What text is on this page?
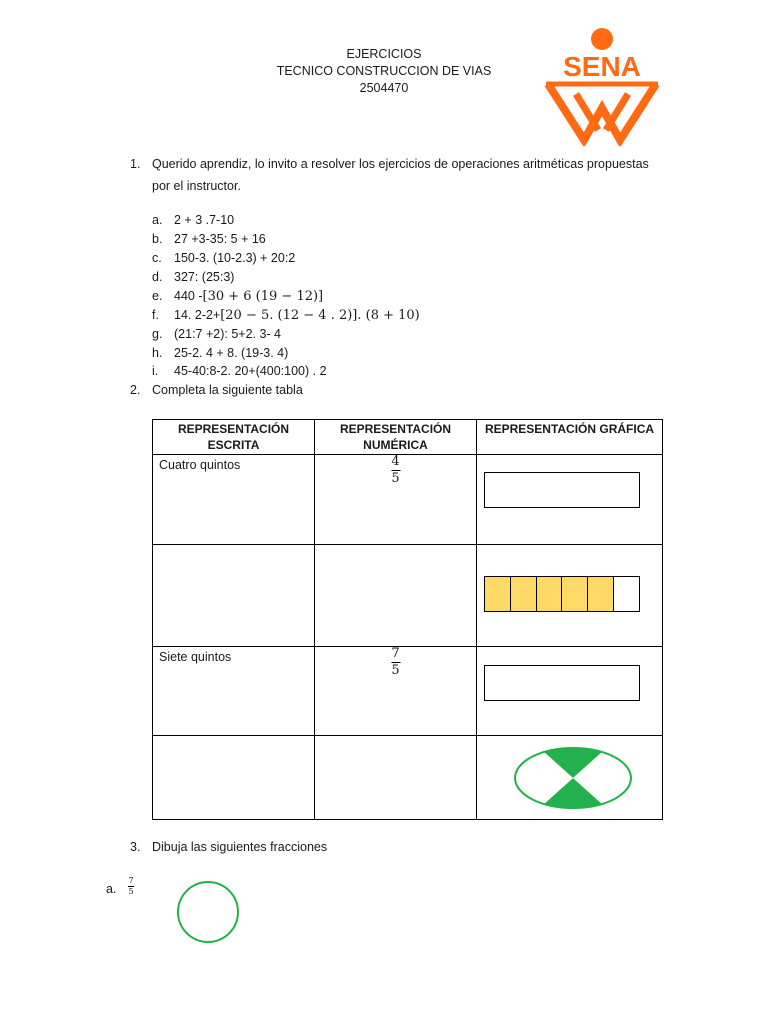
EJERCICIOS
TECNICO CONSTRUCCION DE VIAS
2504470
SENA
1. Querido aprendiz, lo invito a resolver los ejercicios de operaciones aritméticas propuestas
por el instructor.
a. 2 + 3 .7-10
b. 27 +3-35: 5 + 16
c. 150-3. (10-2.3) + 20:2
d. 327: (25:3)
e. 440 -[30 + 6 (19 − 12)]
f.	14. 2-2+[20 − 5. (12 − 4 . 2)]. (8 + 10)
g. (21:7 +2): 5+2. 3- 4
h. 25-2. 4 + 8. (19-3. 4)
i.	45-40:8-2. 20+(400:100) . 2
2. Completa la siguiente tabla
REPRESENTACIÓN ESCRITA	REPRESENTACIÓN NUMÉRICA	REPRESENTACIÓN GRÁFICA

Cuatro quintos	4
5	

Siete quintos	7
5	

3. Dibuja las siguientes fracciones
a.
7
5
